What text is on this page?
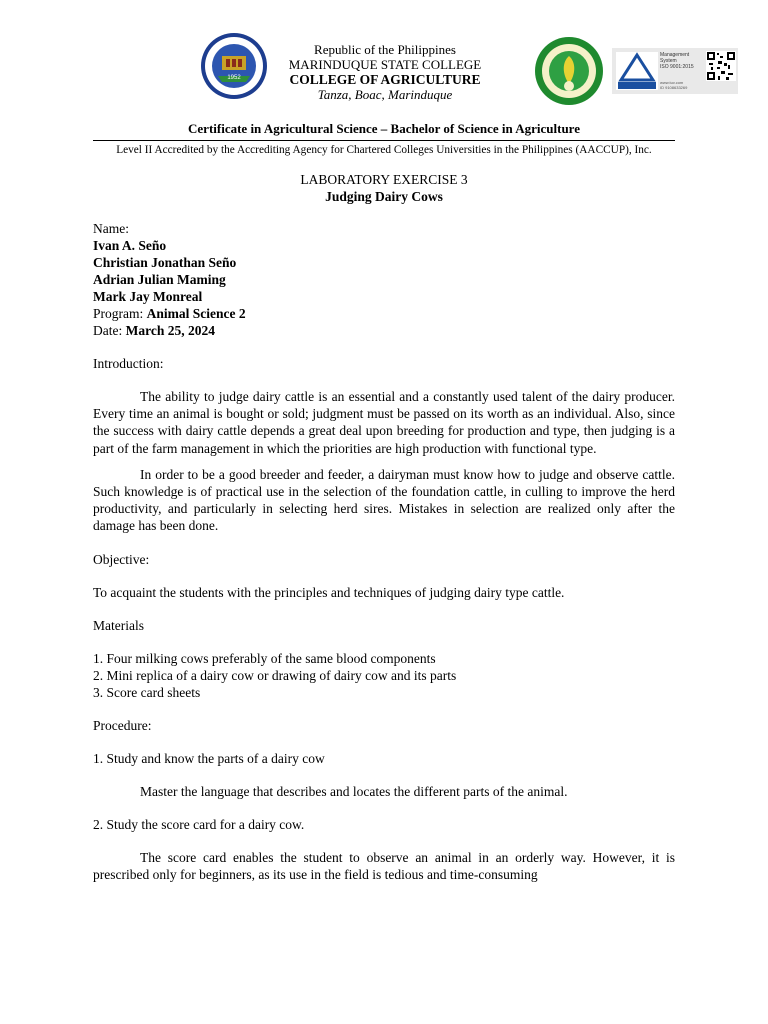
1952
Republic of the Philippines
MARINDUQUE STATE COLLEGE
COLLEGE OF AGRICULTURE
Tanza, Boac, Marinduque
Management
System
ISO 9001:2015
www.tuv.com
ID 9108633269
Certificate in Agricultural Science – Bachelor of Science in Agriculture
Level II Accredited by the Accrediting Agency for Chartered Colleges Universities in the Philippines (AACCUP), Inc.
LABORATORY EXERCISE 3
Judging Dairy Cows
Name:
Ivan A. Seño
Christian Jonathan Seño
Adrian Julian Maming
Mark Jay Monreal
Program: Animal Science 2
Date: March 25, 2024
Introduction:

The ability to judge dairy cattle is an essential and a constantly used talent of the dairy producer. Every time an animal is bought or sold; judgment must be passed on its worth as an individual. Also, since the success with dairy cattle depends a great deal upon breeding for production and type, then judging is a part of the farm management in which the priorities are high production with functional type.

In order to be a good breeder and feeder, a dairyman must know how to judge and observe cattle. Such knowledge is of practical use in the selection of the foundation cattle, in culling to improve the herd productivity, and particularly in selecting herd sires. Mistakes in selection are realized only after the damage has been done.

Objective:
To acquaint the students with the principles and techniques of judging dairy type cattle.
Materials
1. Four milking cows preferably of the same blood components
2. Mini replica of a dairy cow or drawing of dairy cow and its parts
3. Score card sheets
Procedure:
1. Study and know the parts of a dairy cow
Master the language that describes and locates the different parts of the animal.
2. Study the score card for a dairy cow.

The score card enables the student to observe an animal in an orderly way. However, it is prescribed only for beginners, as its use in the field is tedious and time-consuming
